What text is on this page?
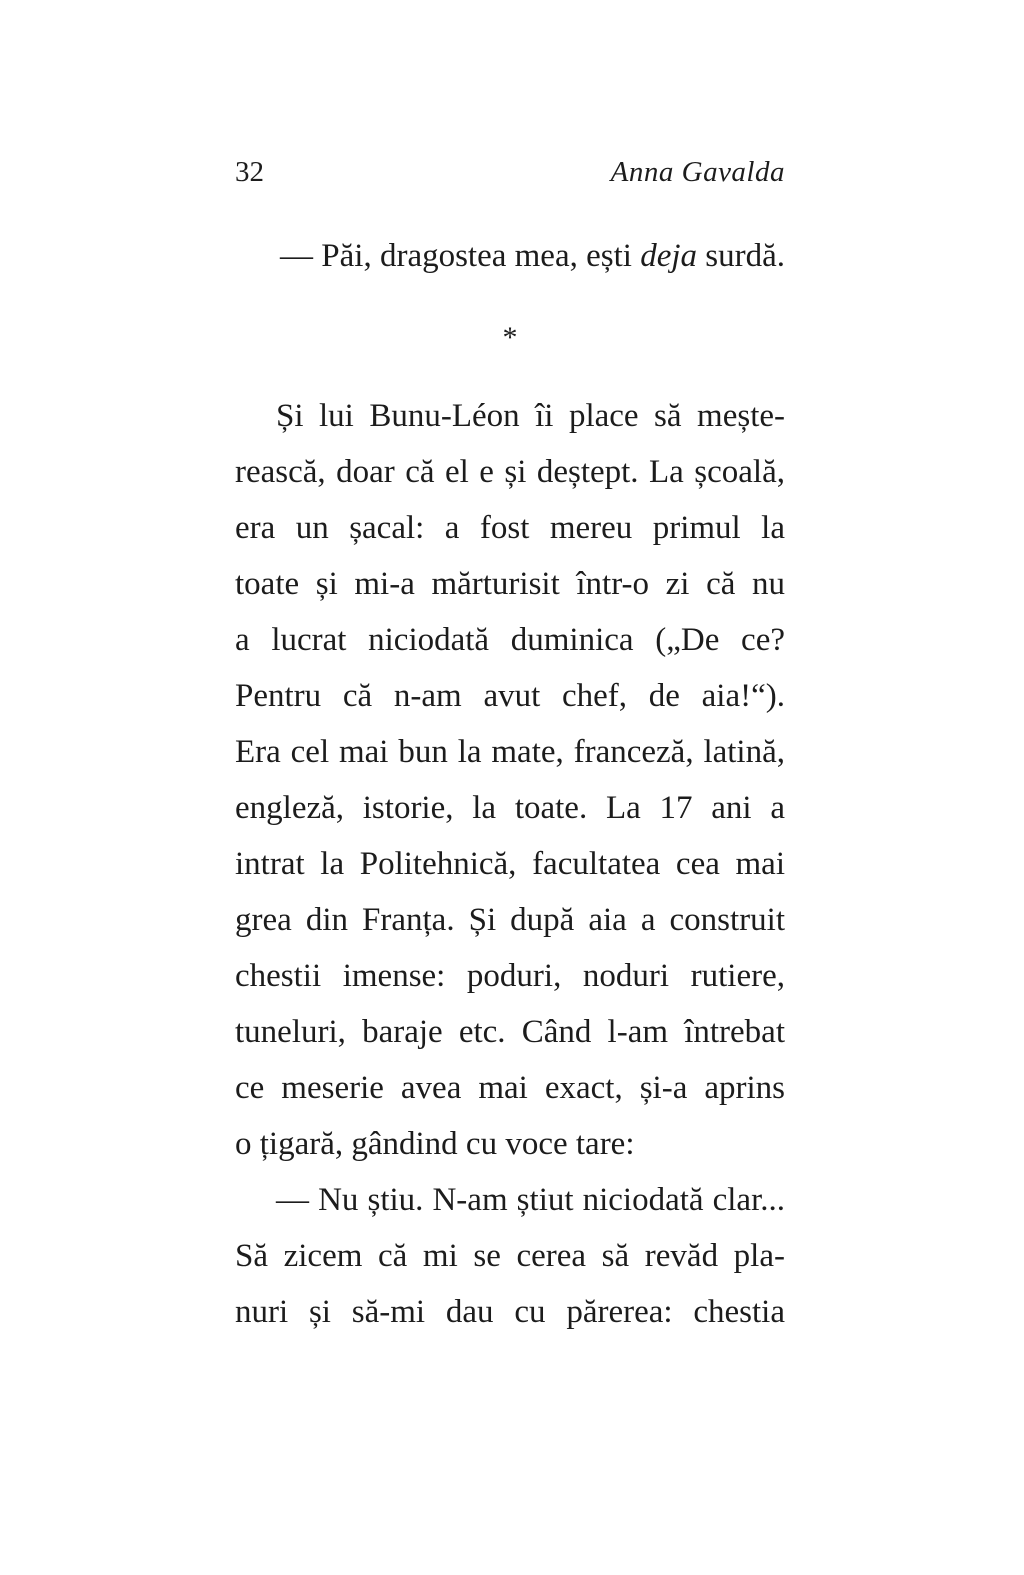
32	Anna Gavalda
— Păi, dragostea mea, ești deja surdă.
*
Și lui Bunu-Léon îi place să mește-
rească, doar că el e și deștept. La școală,
era un șacal: a fost mereu primul la
toate și mi-a mărturisit într-o zi că nu
a lucrat niciodată duminica („De ce?
Pentru că n-am avut chef, de aia!“).
Era cel mai bun la mate, franceză, latină,
engleză, istorie, la toate. La 17 ani a
intrat la Politehnică, facultatea cea mai
grea din Franța. Și după aia a construit
chestii imense: poduri, noduri rutiere,
tuneluri, baraje etc. Când l-am întrebat
ce meserie avea mai exact, și-a aprins
o țigară, gândind cu voce tare:
— Nu știu. N-am știut niciodată clar...
Să zicem că mi se cerea să revăd pla-
nuri și să-mi dau cu părerea: chestia
